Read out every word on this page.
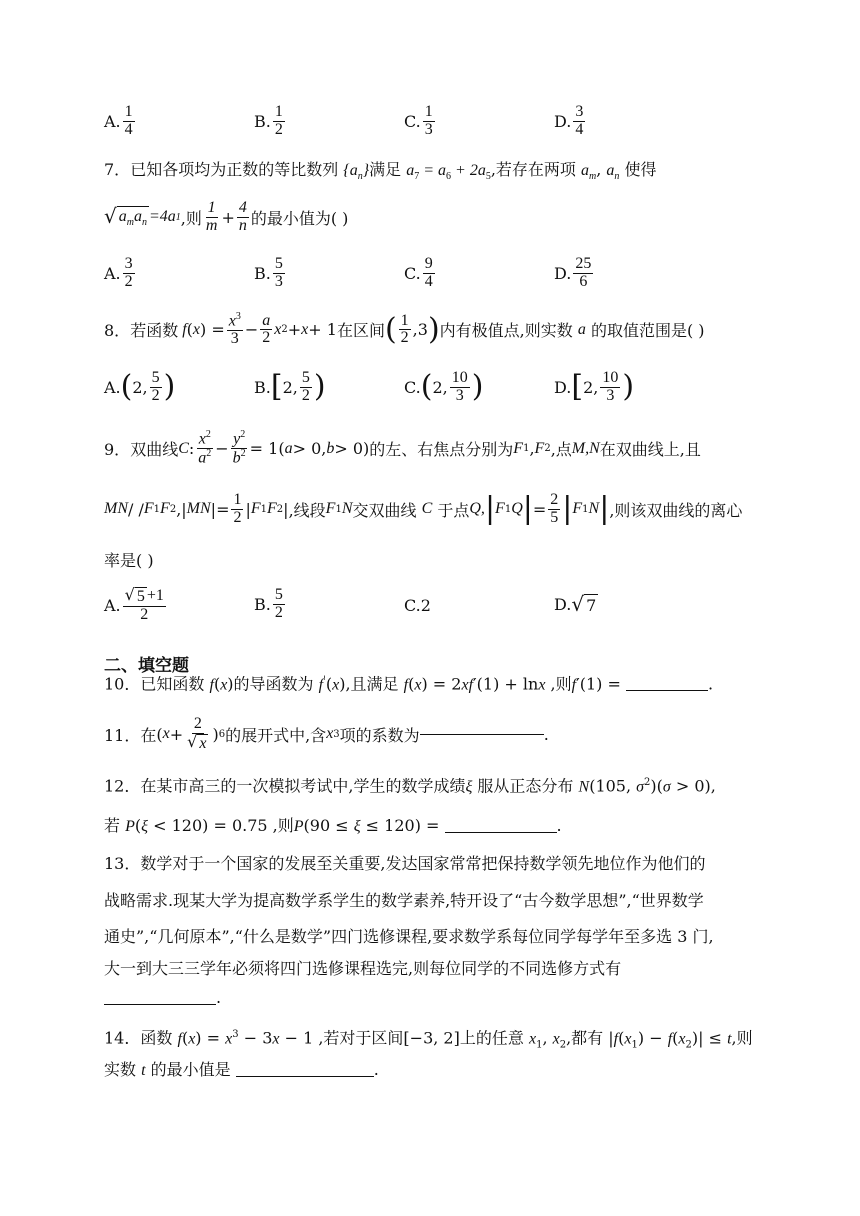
A. $\frac{1}{4}$	B. $\frac{1}{2}$	C. $\frac{1}{3}$	D. $\frac{3}{4}$
7．已知各项均为正数的等比数列 $\{a_n\}$满足 $a_7 = a_6 + 2a_5$,若存在两项 $a_m$, $a_n$ 使得
√ $a_ma_n =4a$ 1 ,则 $\frac{1}{m} + \frac{4}{n}$ 的最小值为( )
A. $\frac{3}{2}$	B. $\frac{5}{3}$	C. $\frac{9}{4}$	D. $\frac{25}{6}$
8． 若函数 f ( x ) = $\frac{x^3}{3} - \frac{a}{2}$ x 2 + x + 1 在区间 ( $\frac{1}{2} ,3$ ) 内有极值点,则实数
a
的取值范围是( )
A. ( 2, $\frac{5}{2}$ )	B. [ 2, $\frac{5}{2}$ )	C. ( 2, $\frac{10}{3}$ )	D. [ 2, $\frac{10}{3}$ )
9． 双曲线 C : $\frac{x^2}{a^2} - \frac{y^2}{b^2} = 1$( a > 0, b > 0) 的左、右焦点分别为 F 1 , F 2 ,点 M,N 在双曲线上,且
MN / / F 1 F 2 , | MN | = $\frac{1}{2}$ | F 1 F 2 | ,线段 F 1 N 交双曲线
C
于点 Q, | F 1 Q | = $\frac{2}{5}$ | F 1 N | ,则该双曲线的离心
率是( )
A. $\frac{√ 5 +1}{2}$	B. $\frac{5}{2}$	C.2	D. √ 7
二、填空题
10．已知函数 f(x)的导函数为 f'(x),且满足 f(x) = 2xf′(1) + lnx ,则f′(1) =	.
11． 在 ( $x + \frac{2}{√ x}$ ) 6 的展开式中,含 x 3 项的系数为	.
12．在某市高三的一次模拟考试中,学生的数学成绩ξ 服从正态分布 N(105, $\sigma^2)(\sigma > 0)$,
若 P(ξ < 120) = 0.75 ,则P(90 ≤ ξ ≤ 120) =	.
13．数学对于一个国家的发展至关重要,发达国家常常把保持数学领先地位作为他们的
战略需求.现某大学为提高数学系学生的数学素养,特开设了“古今数学思想”,“世界数学
通史”,“几何原本”,“什么是数学”四门选修课程,要求数学系每位同学每学年至多选 3 门,
大一到大三三学年必须将四门选修课程选完,则每位同学的不同选修方式有
.
14．函数 $f(x) = x^3 - 3x - 1$ ,若对于区间[−3, 2]上的任意 $x_1$, $x_2$,都有 $|f(x_1) - f(x_2)| \le t$,则
实数 t 的最小值是	.
